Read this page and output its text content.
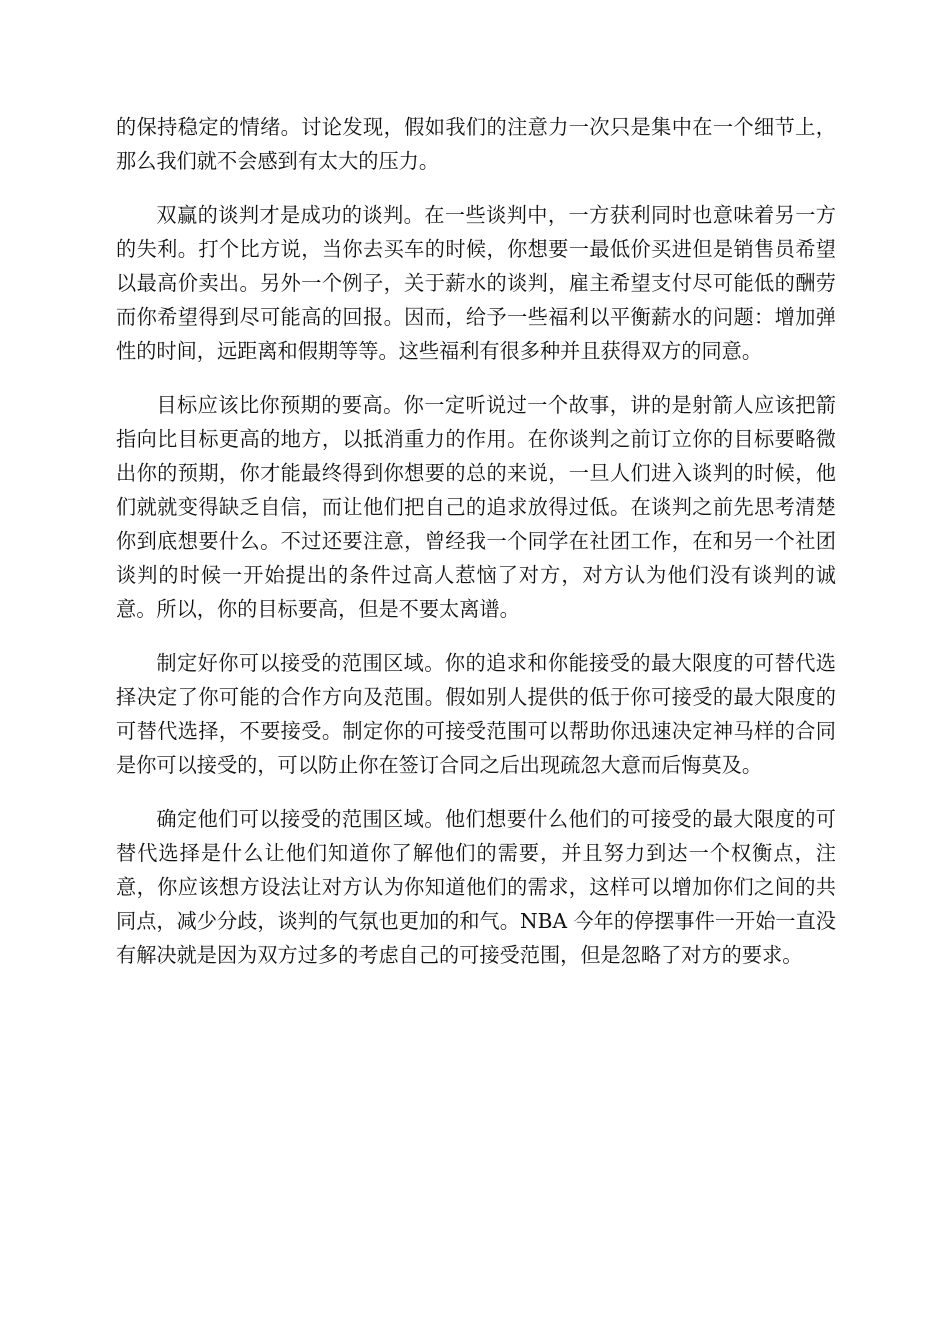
的保持稳定的情绪。讨论发现，假如我们的注意力一次只是集中在一个细节上，那么我们就不会感到有太大的压力。

双赢的谈判才是成功的谈判。在一些谈判中，一方获利同时也意味着另一方的失利。打个比方说，当你去买车的时候，你想要一最低价买进但是销售员希望以最高价卖出。另外一个例子，关于薪水的谈判，雇主希望支付尽可能低的酬劳而你希望得到尽可能高的回报。因而，给予一些福利以平衡薪水的问题：增加弹性的时间，远距离和假期等等。这些福利有很多种并且获得双方的同意。

目标应该比你预期的要高。你一定听说过一个故事，讲的是射箭人应该把箭指向比目标更高的地方，以抵消重力的作用。在你谈判之前订立你的目标要略微出你的预期，你才能最终得到你想要的总的来说，一旦人们进入谈判的时候，他们就就变得缺乏自信，而让他们把自己的追求放得过低。在谈判之前先思考清楚你到底想要什么。不过还要注意，曾经我一个同学在社团工作，在和另一个社团谈判的时候一开始提出的条件过高人惹恼了对方，对方认为他们没有谈判的诚意。所以，你的目标要高，但是不要太离谱。

制定好你可以接受的范围区域。你的追求和你能接受的最大限度的可替代选择决定了你可能的合作方向及范围。假如别人提供的低于你可接受的最大限度的可替代选择，不要接受。制定你的可接受范围可以帮助你迅速决定神马样的合同是你可以接受的，可以防止你在签订合同之后出现疏忽大意而后悔莫及。

确定他们可以接受的范围区域。他们想要什么他们的可接受的最大限度的可替代选择是什么让他们知道你了解他们的需要，并且努力到达一个权衡点，注意，你应该想方设法让对方认为你知道他们的需求，这样可以增加你们之间的共同点，减少分歧，谈判的气氛也更加的和气。NBA 今年的停摆事件一开始一直没有解决就是因为双方过多的考虑自己的可接受范围，但是忽略了对方的要求。
